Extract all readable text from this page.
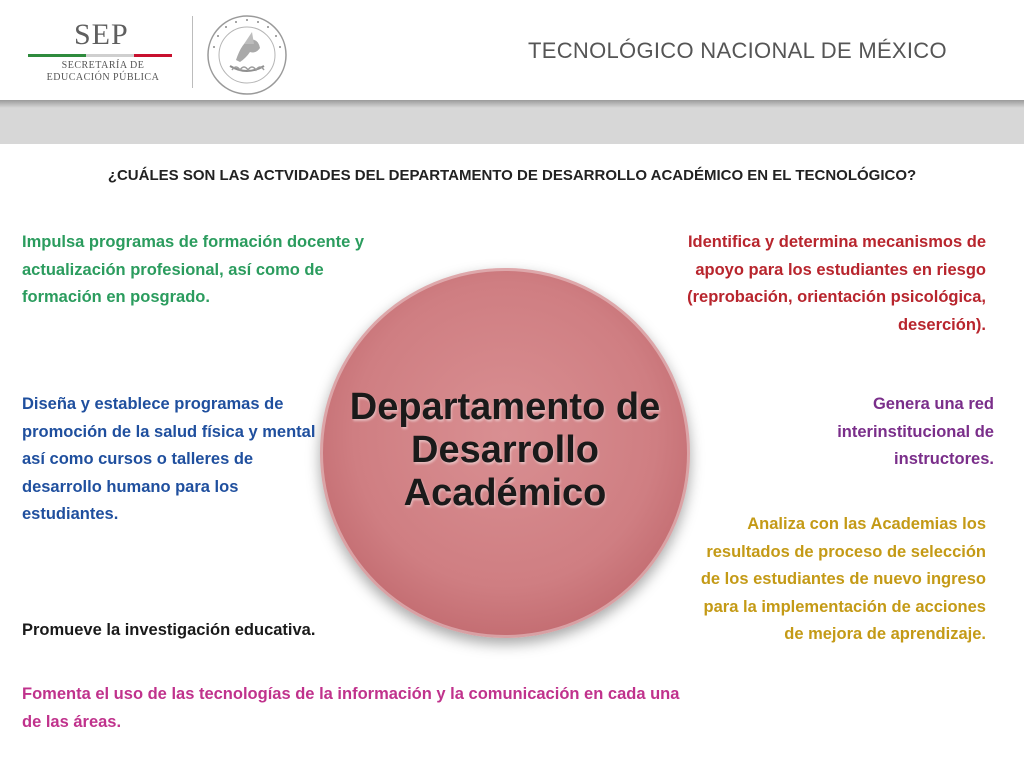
SEP
SECRETARÍA DE
EDUCACIÓN PÚBLICA
TECNOLÓGICO NACIONAL DE MÉXICO
¿CUÁLES SON LAS ACTVIDADES DEL DEPARTAMENTO DE DESARROLLO ACADÉMICO EN EL TECNOLÓGICO?
Departamento de Desarrollo Académico
Impulsa programas de formación docente y actualización profesional, así como de formación en posgrado.
Diseña y establece programas de promoción de la salud física y mental así como cursos o talleres de desarrollo humano para los estudiantes.
Promueve la investigación educativa.
Fomenta el uso de las tecnologías de la información y la comunicación en cada una de las áreas.
Identifica y determina mecanismos de apoyo para los estudiantes en riesgo (reprobación, orientación psicológica, deserción).
Genera una red interinstitucional de instructores.
Analiza con las Academias los resultados de proceso de selección de los estudiantes de nuevo ingreso para la implementación de acciones de mejora de aprendizaje.
